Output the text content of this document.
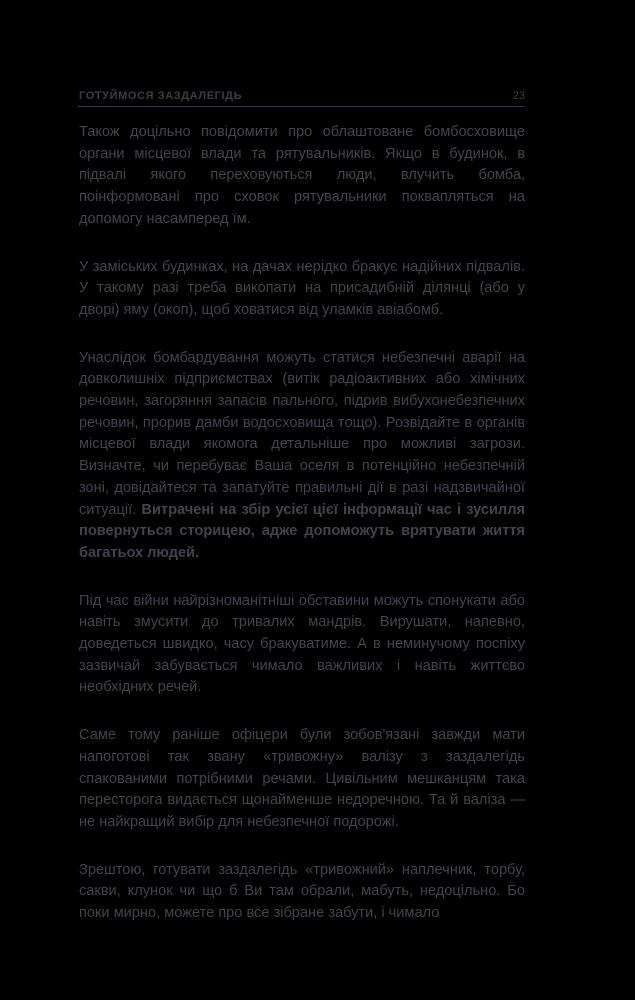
ГОТУЙМОСЯ ЗАЗДАЛЕГІДЬ	23

Також доцільно повідомити про облаштоване бомбосховище органи місцевої влади та рятувальників. Якщо в будинок, в підвалі якого переховуються люди, влучить бомба, поінформовані про сховок рятувальники поквапляться на допомогу насамперед їм.

У заміських будинках, на дачах нерідко бракує надійних підвалів. У такому разі треба викопати на присадибній ділянці (або у дворі) яму (окоп), щоб ховатися від уламків авіабомб.

Унаслідок бомбардування можуть статися небезпечні аварії на довколишніх підприємствах (витік радіоактивних або хімічних речовин, загоряння запасів пального, підрив вибухонебезпечних речовин, прорив дамби водосховища тощо). Розвідайте в органів місцевої влади якомога детальніше про можливі загрози. Визначте, чи перебуває Ваша оселя в потенційно небезпечній зоні, довідайтеся та запатуйте правильні дії в разі надзвичайної ситуації. Витрачені на збір усієї цієї інформації час і зусилля повернуться сторицею, адже допоможуть врятувати життя багатьох людей.

Під час війни найрізноманітніші обставини можуть спонукати або навіть змусити до тривалих мандрів. Вирушати, напевно, доведеться швидко, часу бракуватиме. А в неминучому поспіху зазвичай забувається чимало важливих і навіть життєво необхідних речей.

Саме тому раніше офіцери були зобов'язані завжди мати напоготові так звану «тривожну» валізу з заздалегідь спакованими потрібними речами. Цивільним мешканцям така пересторога видається щонайменше недоречною. Та й валіза — не найкращий вибір для небезпечної подорожі.

Зрештою, готувати заздалегідь «тривожний» наплечник, торбу, сакви, клунок чи що б Ви там обрали, мабуть, недоцільно. Бо поки мирно, можете про все зібране забути, і чимало
